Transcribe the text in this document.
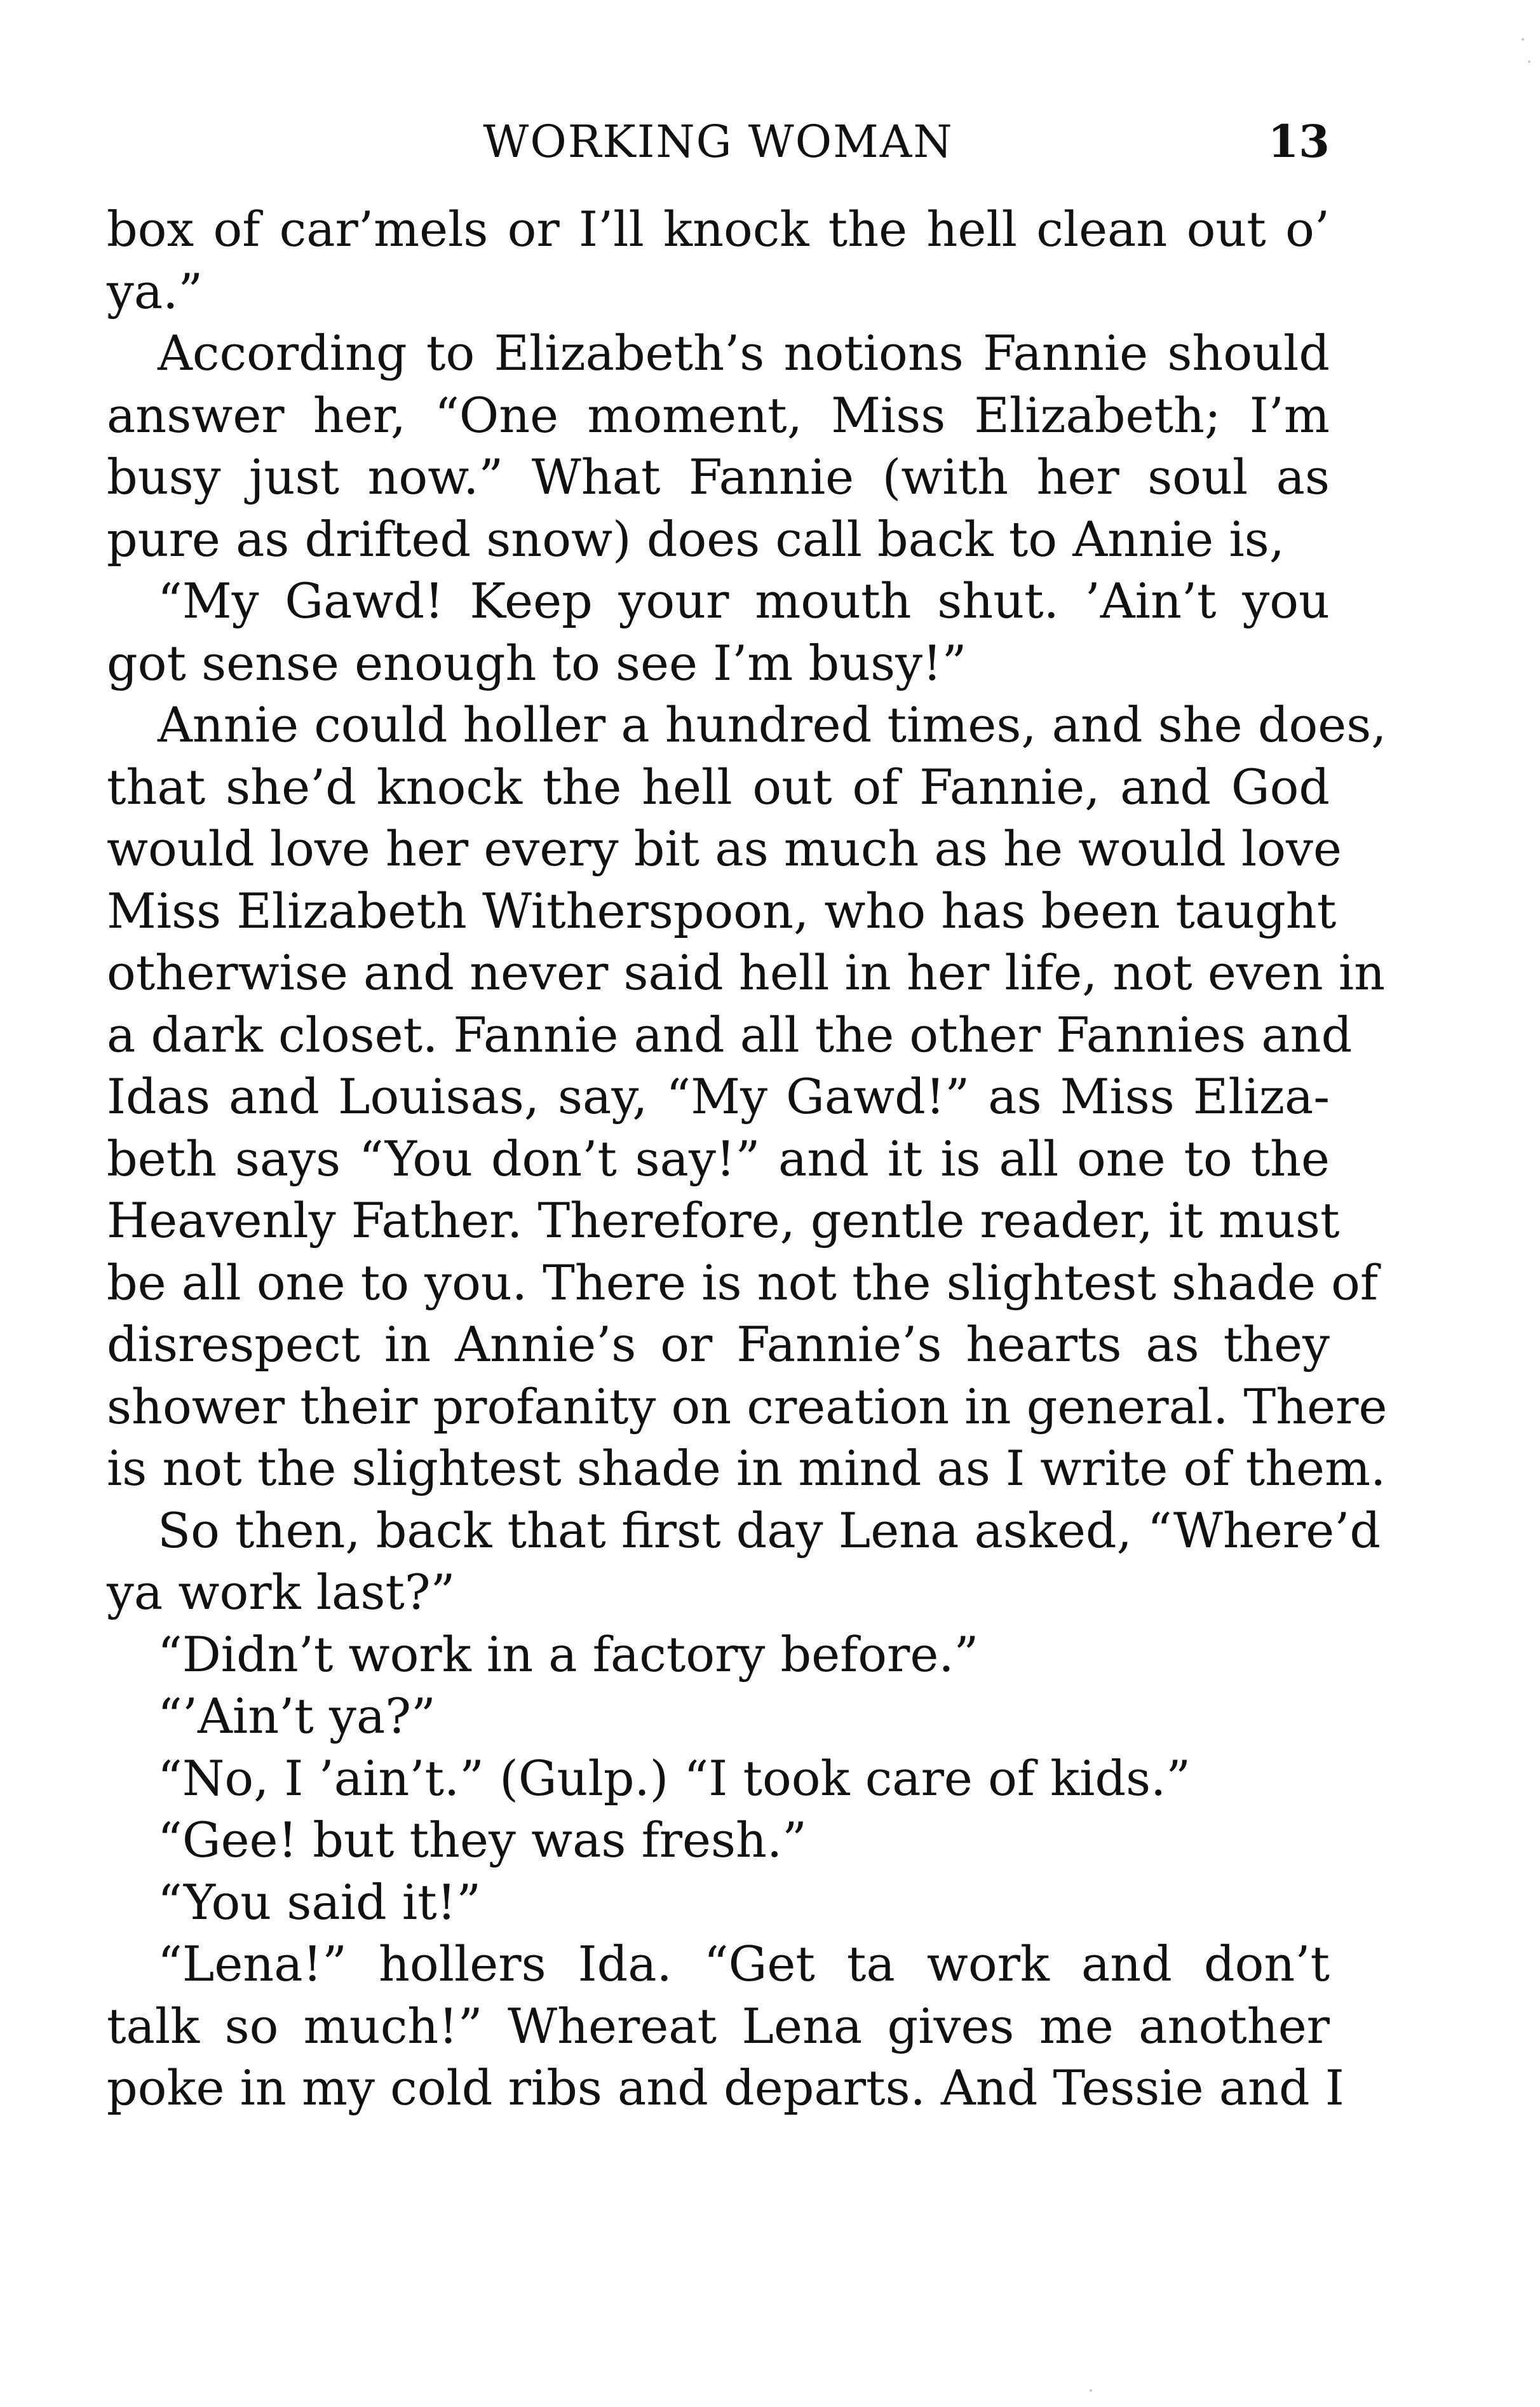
WORKING WOMAN	13
box of car’mels or I’ll knock the hell clean out o’
ya.”
According to Elizabeth’s notions Fannie should
answer her, “One moment, Miss Elizabeth; I’m
busy just now.” What Fannie (with her soul as
pure as drifted snow) does call back to Annie is,
“My Gawd! Keep your mouth shut. ’Ain’t you
got sense enough to see I’m busy!”
Annie could holler a hundred times, and she does,
that she’d knock the hell out of Fannie, and God
would love her every bit as much as he would love
Miss Elizabeth Witherspoon, who has been taught
otherwise and never said hell in her life, not even in
a dark closet. Fannie and all the other Fannies and
Idas and Louisas, say, “My Gawd!” as Miss Eliza-
beth says “You don’t say!” and it is all one to the
Heavenly Father. Therefore, gentle reader, it must
be all one to you. There is not the slightest shade of
disrespect in Annie’s or Fannie’s hearts as they
shower their profanity on creation in general. There
is not the slightest shade in mind as I write of them.
So then, back that first day Lena asked, “Where’d
ya work last?”
“Didn’t work in a factory before.”
“’Ain’t ya?”
“No, I ’ain’t.” (Gulp.) “I took care of kids.”
“Gee! but they was fresh.”
“You said it!”
“Lena!” hollers Ida. “Get ta work and don’t
talk so much!” Whereat Lena gives me another
poke in my cold ribs and departs. And Tessie and I
